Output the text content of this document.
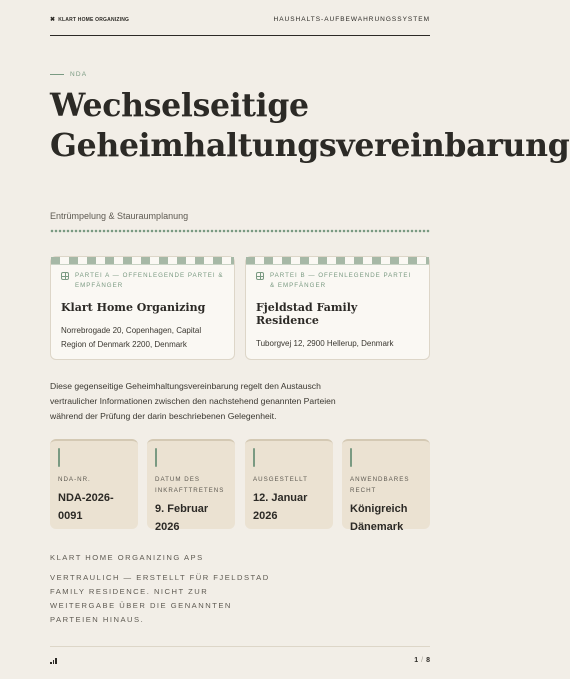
✖ KLART HOME ORGANIZING	HAUSHALTS-AUFBEWAHRUNGSSYSTEM
NDA
Wechselseitige Geheimhaltungsvereinbarung
Entrümpelung & Stauraumplanung
PARTEI A — OFFENLEGENDE PARTEI & EMPFÄNGER
Klart Home Organizing
Norrebrogade 20, Copenhagen, Capital Region of Denmark 2200, Denmark
PARTEI B — OFFENLEGENDE PARTEI & EMPFÄNGER
Fjeldstad Family Residence
Tuborgvej 12, 2900 Hellerup, Denmark
Diese gegenseitige Geheimhaltungsvereinbarung regelt den Austausch vertraulicher Informationen zwischen den nachstehend genannten Parteien während der Prüfung der darin beschriebenen Gelegenheit.
NDA-NR.
NDA-2026-0091
DATUM DES INKRAFTTRETENS
9. Februar 2026
AUSGESTELLT
12. Januar 2026
ANWENDBARES RECHT
Königreich Dänemark
KLART HOME ORGANIZING APS
VERTRAULICH — ERSTELLT FÜR FJELDSTAD FAMILY RESIDENCE. NICHT ZUR WEITERGABE ÜBER DIE GENANNTEN PARTEIEN HINAUS.
1 / 8
